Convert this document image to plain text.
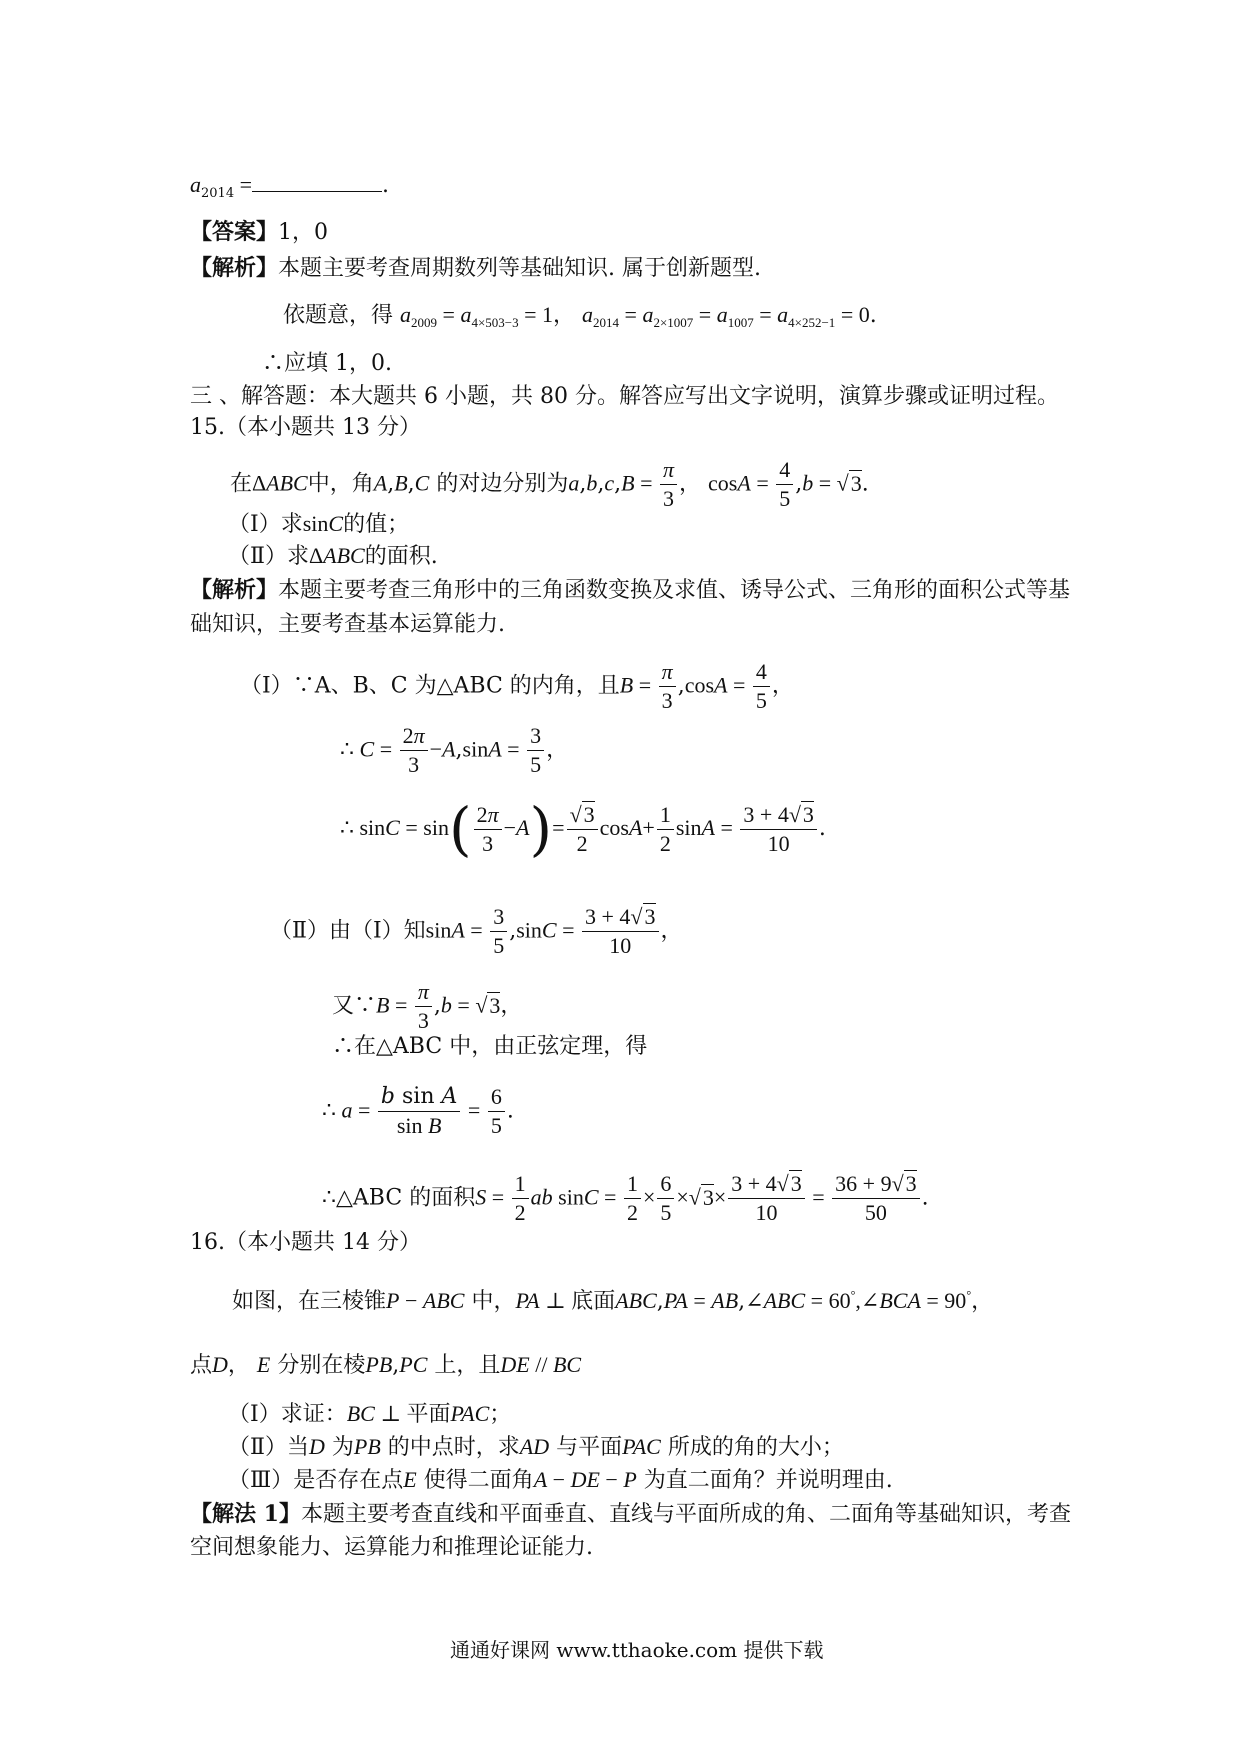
$a_{2014}$ =	.
【答案】1，0
【解析】本题主要考查周期数列等基础知识. 属于创新题型.
依题意，得 $a_{2009} = a_{4\times 503-3} = 1$， $a_{2014} = a_{2\times 1007} = a_{1007} = a_{4\times 252-1} = 0$.
∴应填 1，0.
三 、解答题：本大题共 6 小题，共 80 分。解答应写出文字说明，演算步骤或证明过程。
15.（本小题共 13 分）
在ΔABC中，角A,B,C 的对边分别为$a,b,c,B = \frac{\pi}{3}$ ， $\cos A = \frac{4}{5} ,b = √3$.
（Ⅰ）求sinC的值；
（Ⅱ）求ΔABC的面积.
【解析】本题主要考查三角形中的三角函数变换及求值、诱导公式、三角形的面积公式等基
础知识，主要考查基本运算能力.
（Ⅰ）∵A、B、C 为△ABC 的内角，且$B = \frac{\pi}{3} ,\cos A = \frac{4}{5}$ ，
∴ $C = \frac{2\pi}{3} -A,\sin A = \frac{3}{5}$ ，
∴ $\sin C = \sin( \frac{2\pi}{3} -A)= \frac{√3}{2} \cos A+ \frac{1}{2}$ $\sin A = \frac{3 + 4√3}{10}$ .
（Ⅱ）由（Ⅰ）知$\sin A = \frac{3}{5} ,\sin C = \frac{3 + 4√3}{10}$ ，
又∵B = $\frac{\pi}{3} ,b = √3$，
∴在△ABC 中，由正弦定理，得
∴ $a = \frac{\text{b sin A}}{\text{sin B}} = \frac{6}{5}$ .
∴△ABC 的面积$S = \frac{1}{2}$ ab $\sin C = \frac{1}{2} \times \frac{6}{5} \times√3\times \frac{3 + 4√3}{10} = \frac{36 + 9√3}{50}$ .
16.（本小题共 14 分）
如图，在三棱锥P − ABC 中，PA ⊥ 底面ABC,PA = AB,∠ABC = 60°,∠BCA = 90°，
点D， E 分别在棱PB,PC 上，且DE // BC
（Ⅰ）求证：BC ⊥ 平面PAC；
（Ⅱ）当D 为PB 的中点时，求AD 与平面PAC 所成的角的大小；
（Ⅲ）是否存在点E 使得二面角A − DE − P 为直二面角？并说明理由.
【解法 1】本题主要考查直线和平面垂直、直线与平面所成的角、二面角等基础知识，考查
空间想象能力、运算能力和推理论证能力.
通通好课网 www.tthaoke.com 提供下载
